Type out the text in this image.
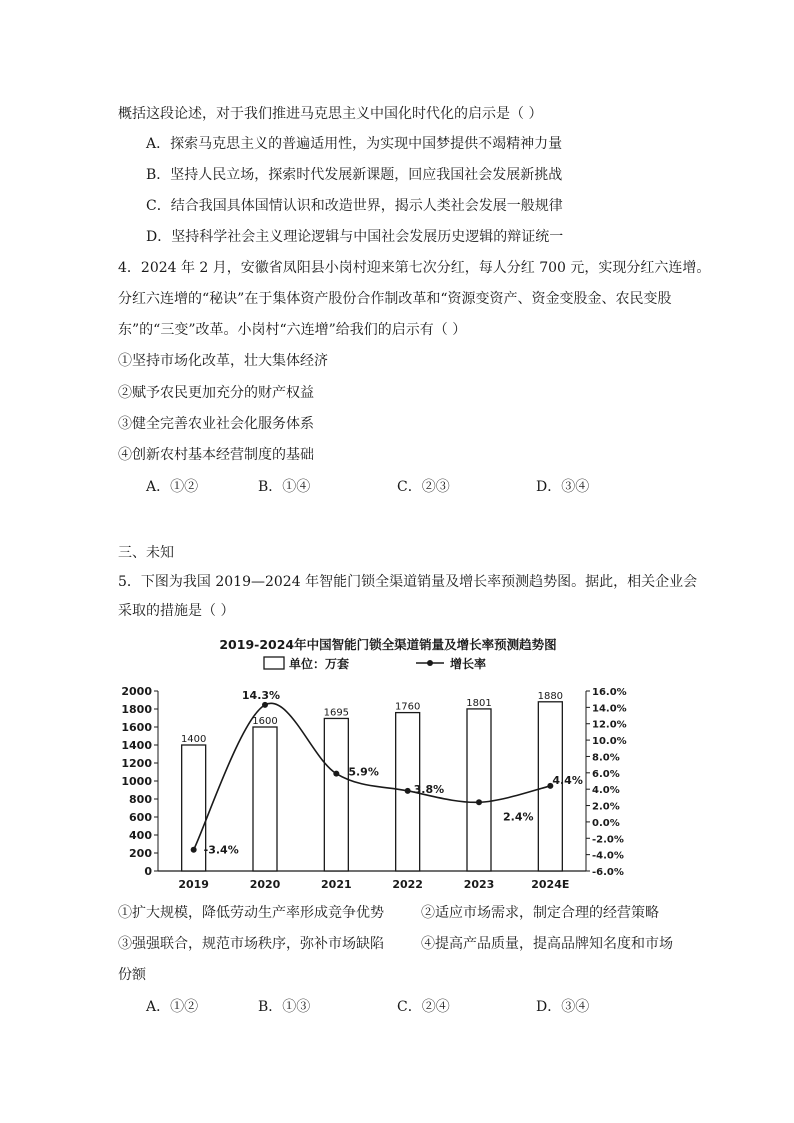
概括这段论述，对于我们推进马克思主义中国化时代化的启示是（ ）
A．探索马克思主义的普遍适用性，为实现中国梦提供不竭精神力量
B．坚持人民立场，探索时代发展新课题，回应我国社会发展新挑战
C．结合我国具体国情认识和改造世界，揭示人类社会发展一般规律
D．坚持科学社会主义理论逻辑与中国社会发展历史逻辑的辩证统一
4．2024 年 2 月，安徽省凤阳县小岗村迎来第七次分红，每人分红 700 元，实现分红六连增。
分红六连增的“秘诀”在于集体资产股份合作制改革和“资源变资产、资金变股金、农民变股
东”的“三变”改革。小岗村“六连增”给我们的启示有（ ）
①坚持市场化改革，壮大集体经济
②赋予农民更加充分的财产权益
③健全完善农业社会化服务体系
④创新农村基本经营制度的基础
A．①②	B．①④	C．②③	D．③④
三、未知
5．下图为我国 2019—2024 年智能门锁全渠道销量及增长率预测趋势图。据此，相关企业会
采取的措施是（ ）
2019-2024年中国智能门锁全渠道销量及增长率预测趋势图
单位：万套	增长率
0
200
400
600
800
1000
1200
1400
1600
1800
2000
-6.0%
-4.0%
-2.0%
0.0%
2.0%
4.0%
6.0%
8.0%
10.0%
12.0%
14.0%
16.0%
2019	2020	2021	2022	2023	2024E
1400
1600
1695
1760	1801
1880
-3.4%
14.3%
5.9%
3.8%
2.4%
4.4%
①扩大规模，降低劳动生产率形成竞争优势	②适应市场需求，制定合理的经营策略
③强强联合，规范市场秩序，弥补市场缺陷	④提高产品质量，提高品牌知名度和市场
份额
A．①②	B．①③	C．②④	D．③④
